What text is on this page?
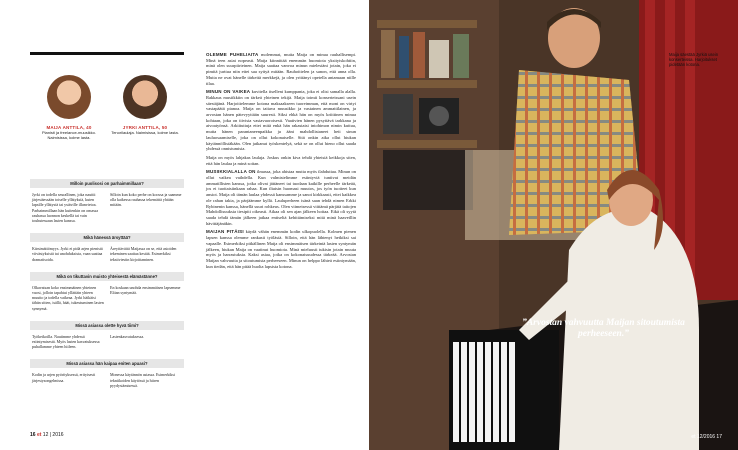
MAIJA ANTTILA, 40
Pianisti ja freelance-muusikko. Naimisissa, kolme lasta.
JYRKI ANTTILA, 50
Tenorilaulaja. Naimisissa, kolme lasta.
Milloin puolisosi on parhaimmillaan?
Jyrki on todella seurallinen, joka nauttii järjestäessään toiselle yllätyksiä, kuten lapsille yllätystä tai ystäville illanvietoa. Parhaimmillaan hän kuitenkin on omassa rauhassa luonnon keskellä tai vain touhutessaan lasten kanssa.
Silloin kun koko perhe on koossa ja saamme olla kaikessa rauhassa tekemättä yhtään mitään.
Mikä hänessä ärsyttää?
Kärsimättömyys. Jyrki ei pidä arjen pienistä viivästyksistä tai unohduksista, vaan saattaa dramatisoida.
Äreyttäväitä Maijassa on se, että asioiden tekeminen saattaa kestää. Esimerkiksi tekstiviestin kirjoittaminen.
Mikä on tikuttavin muisto yhteisestä elämästänne?
Olkavatsan koko ensimmäinen yhteinen vuosi, jolloin tapahtui yllättäin yhteen muutto ja todella vaikeaa. Jyrki häikäisi tähän sitten, isällä, häät, tukeutuminen lasten synnymä.
En koskaan unohda ensimmäisen lapsemme Eliian syntymää.
Missä asiassa olette hyvä tiimi?
Työkeikoilla. Nautimme yhdessä esiintymisestä. Myös lasten kasvatuksessa puhallamme yhteen hiileen.
Lastenkasvatuksessa.
Missä asiassa hän kaipaa eniten apuasi?
Kodin ja arjen pyörityksessä, erityisesti järjestysongelmissa.
Monessa käytännön asiassa. Esimerkiksi tekniikoiden käytössä ja hiiren pyydystämisessä.
16 et 12 | 2016

OLEMME PUHELIAITA molemmat, mutta Maija on minua rauhallisempi. Minä teen asiat nopeasti. Maija kiinnittää enemmän huomiota yksityiskohtiin, minä olen suurpiirteinen. Maija saattaa vanvoa minun mielestäni jotain, joka ei pimitä jurttua niin ettei saa syttyä mitään. Rauhoittelen ja sanon, että anna olla. Mutta ne ovat hänelle tärkeitä merkkejä, ja olen yrittänyt opetella antamaan niille tilaa.

MINUN ON VAIKEA kuvitella itselleni kumppania, joka ei olisi samalla alalla. Rakkaus musiikkiin on tärkeä yhteinen tekijä. Maija toimii konserteissani usein säestäjänä. Harjoittelemme kotona maksaakseen tuoreimman, että moni on virtyi vastapäätä pianoa. Maija on taitava muusikko ja vastainen ammattilainen, ja arvostan hänen pätevyyttään suuresti. Siksi ehkä hän on myös kriittinen minua kohtaan, joka on tiivista vastavuoroisesti. Vaativien hänen pysyttävä tarkkana ja aivoatyönsä. Arkiituttuja ettei mitä enkä hän rakastaisi intohimon nimin kuttua, mutta hänen parantaneenpaikka ja ääni mahdollistaneet heti sinun lauluosaamiselle, joka on ollut kokonaiselle. Sitä onkin aika ollut hiukan käytännöllistäkään. Olen jatkanut työskentelyä, sekä se on ollut hieno ollut saada yhdessä onnistumisia.

Maija on myös lahjakas laulaja. Joskus onkin kiva tehdä yhteisiä keikkoja siten, että hän laulaa ja minä soitan.

MUSIIKKIALALLA ON ilmassa, joka ahistaa mutta myös ilahduttaa. Minun on ollut vaikea vaihdella. Kun valmistelimme esiintyviä tuntivat meidän ammatillisten kanssa, jotka olivat jättäneet tai tuodaan kaikille perheelle tärkeää, jos ei tuottaisiinkaan rahaa. Kun iltaisin huomasi muutos, jos työn tuotteet kun ansiot. Maija oli tämän laulaa yhdessä kanssamme ja sanoi kirkkaasti, ettei kaikkea ole rahan takia, ja pärjäämme kyllä. Lauluperheen isänä saan tehdä nimen Erkki Rybinenin kanssa, hänellä suuri rohkeus. Olen viimeisessä viittämä pärjätä taitojen Mahdollisuuksia tiesipiti oikeasti. Aikaa oli sen ajan jälkeen hoitaa. Eikä oli syytä saada tehdä tämän jälkeen jatkaa entiseltä kehittämiseksi mitä minä haaveillin hävittäjänäkin.

MAIJAN PITÄISI käydä vähän enemmän kodin ulkopuolella. Kolmen pienen lapsen kanssa olemme rankasti työlästä. Silloin, että hän lähtenyt hetkiksi sai vapaalle. Esimerkiksi pitkällinen Maija oli ensimmäisen tärkeintä lasten syntymän jälkeen, hiukan Maija on vaatinut huomiota. Minä mieluusti tukisin jotain muuta myös ja harrastuksia. Kaksi asiaa, jotka on kokonaisuudessa tärkeää. Arvostan Maijan vahvuutta ja sitoutumista perheeseen. Minun on helppo lähteä esiintymään, kun tiedän, että hän pitää huolta lapsista kotona.

Maija säestää Jyrkiä usein konserteissa. Harjoitukset pidetään kotona.
”Arvostan vahvuutta Maijan sitoutumista perheeseen.”
et 12/2016 17
